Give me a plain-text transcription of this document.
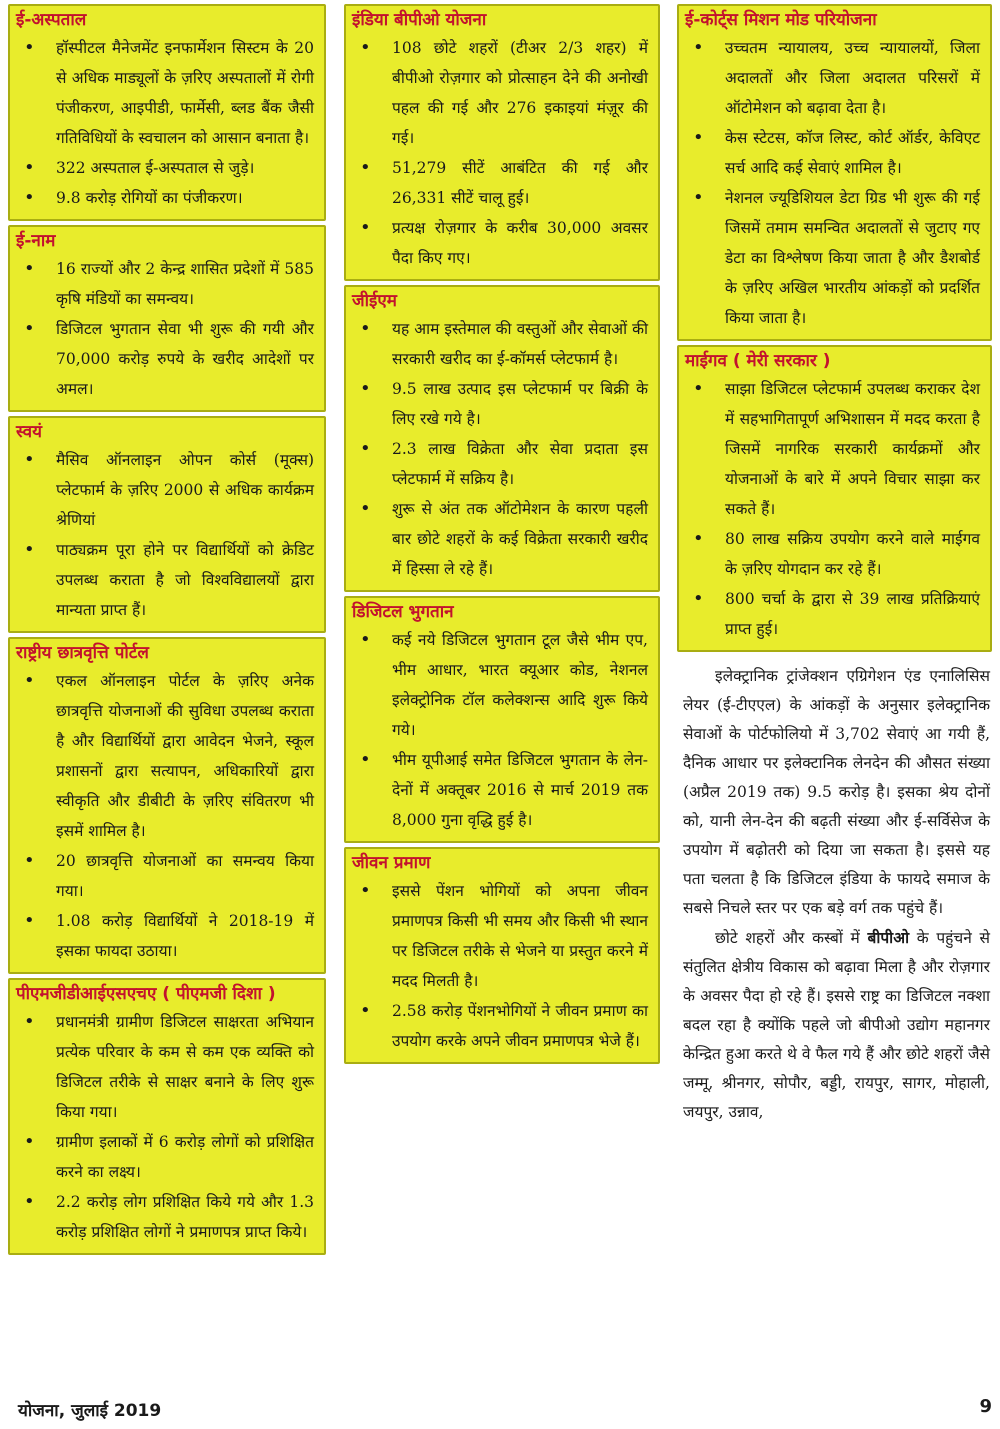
ई-अस्पताल
• हॉस्पीटल मैनेजमेंट इनफार्मेशन सिस्टम के 20 से अधिक माड्यूलों के ज़रिए अस्पतालों में रोगी पंजीकरण, आइपीडी, फार्मेसी, ब्लड बैंक जैसी गतिविधियों के स्वचालन को आसान बनाता है।
• 322 अस्पताल ई-अस्पताल से जुड़े।
• 9.8 करोड़ रोगियों का पंजीकरण।
ई-नाम
• 16 राज्यों और 2 केन्द्र शासित प्रदेशों में 585 कृषि मंडियों का समन्वय।
• डिजिटल भुगतान सेवा भी शुरू की गयी और 70,000 करोड़ रुपये के खरीद आदेशों पर अमल।
स्वयं
• मैसिव ऑनलाइन ओपन कोर्स (मूक्स) प्लेटफार्म के ज़रिए 2000 से अधिक कार्यक्रम श्रेणियां
• पाठ्यक्रम पूरा होने पर विद्यार्थियों को क्रेडिट उपलब्ध कराता है जो विश्वविद्यालयों द्वारा मान्यता प्राप्त हैं।
राष्ट्रीय छात्रवृत्ति पोर्टल
• एकल ऑनलाइन पोर्टल के ज़रिए अनेक छात्रवृत्ति योजनाओं की सुविधा उपलब्ध कराता है और विद्यार्थियों द्वारा आवेदन भेजने, स्कूल प्रशासनों द्वारा सत्यापन, अधिकारियों द्वारा स्वीकृति और डीबीटी के ज़रिए संवितरण भी इसमें शामिल है।
• 20 छात्रवृत्ति योजनाओं का समन्वय किया गया।
• 1.08 करोड़ विद्यार्थियों ने 2018-19 में इसका फायदा उठाया।
पीएमजीडीआईएसएचए ( पीएमजी दिशा )
• प्रधानमंत्री ग्रामीण डिजिटल साक्षरता अभियान प्रत्येक परिवार के कम से कम एक व्यक्ति को डिजिटल तरीके से साक्षर बनाने के लिए शुरू किया गया।
• ग्रामीण इलाकों में 6 करोड़ लोगों को प्रशिक्षित करने का लक्ष्य।
• 2.2 करोड़ लोग प्रशिक्षित किये गये और 1.3 करोड़ प्रशिक्षित लोगों ने प्रमाणपत्र प्राप्त किये।
इंडिया बीपीओ योजना
• 108 छोटे शहरों (टीअर 2/3 शहर) में बीपीओ रोज़गार को प्रोत्साहन देने की अनोखी पहल की गई और 276 इकाइयां मंज़ूर की गई।
• 51,279 सीटें आबंटित की गई और 26,331 सीटें चालू हुई।
• प्रत्यक्ष रोज़गार के करीब 30,000 अवसर पैदा किए गए।
जीईएम
• यह आम इस्तेमाल की वस्तुओं और सेवाओं की सरकारी खरीद का ई-कॉमर्स प्लेटफार्म है।
• 9.5 लाख उत्पाद इस प्लेटफार्म पर बिक्री के लिए रखे गये है।
• 2.3 लाख विक्रेता और सेवा प्रदाता इस प्लेटफार्म में सक्रिय है।
• शुरू से अंत तक ऑटोमेशन के कारण पहली बार छोटे शहरों के कई विक्रेता सरकारी खरीद में हिस्सा ले रहे हैं।
डिजिटल भुगतान
• कई नये डिजिटल भुगतान टूल जैसे भीम एप, भीम आधार, भारत क्यूआर कोड, नेशनल इलेक्ट्रोनिक टॉल कलेक्शन्स आदि शुरू किये गये।
• भीम यूपीआई समेत डिजिटल भुगतान के लेन-देनों में अक्तूबर 2016 से मार्च 2019 तक 8,000 गुना वृद्धि हुई है।
जीवन प्रमाण
• इससे पेंशन भोगियों को अपना जीवन प्रमाणपत्र किसी भी समय और किसी भी स्थान पर डिजिटल तरीके से भेजने या प्रस्तुत करने में मदद मिलती है।
• 2.58 करोड़ पेंशनभोगियों ने जीवन प्रमाण का उपयोग करके अपने जीवन प्रमाणपत्र भेजे हैं।
ई-कोर्ट्स मिशन मोड परियोजना
• उच्चतम न्यायालय, उच्च न्यायालयों, जिला अदालतों और जिला अदालत परिसरों में ऑटोमेशन को बढ़ावा देता है।
• केस स्टेटस, कॉज लिस्ट, कोर्ट ऑर्डर, केविएट सर्च आदि कई सेवाएं शामिल है।
• नेशनल ज्यूडिशियल डेटा ग्रिड भी शुरू की गई जिसमें तमाम समन्वित अदालतों से जुटाए गए डेटा का विश्लेषण किया जाता है और डैशबोर्ड के ज़रिए अखिल भारतीय आंकड़ों को प्रदर्शित किया जाता है।
माईगव ( मेरी सरकार )
• साझा डिजिटल प्लेटफार्म उपलब्ध कराकर देश में सहभागितापूर्ण अभिशासन में मदद करता है जिसमें नागरिक सरकारी कार्यक्रमों और योजनाओं के बारे में अपने विचार साझा कर सकते हैं।
• 80 लाख सक्रिय उपयोग करने वाले माईगव के ज़रिए योगदान कर रहे हैं।
• 800 चर्चा के द्वारा से 39 लाख प्रतिक्रियाएं प्राप्त हुई।

इलेक्ट्रानिक ट्रांजेक्शन एग्रिगेशन एंड एनालिसिस लेयर (ई-टीएएल) के आंकड़ों के अनुसार इलेक्ट्रानिक सेवाओं के पोर्टफोलियो में 3,702 सेवाएं आ गयी हैं, दैनिक आधार पर इलेक्टानिक लेनदेन की औसत संख्या (अप्रैल 2019 तक) 9.5 करोड़ है। इसका श्रेय दोनों को, यानी लेन-देन की बढ़ती संख्या और ई-सर्विसेज के उपयोग में बढ़ोतरी को दिया जा सकता है। इससे यह पता चलता है कि डिजिटल इंडिया के फायदे समाज के सबसे निचले स्तर पर एक बड़े वर्ग तक पहुंचे हैं।

छोटे शहरों और कस्बों में बीपीओ के पहुंचने से संतुलित क्षेत्रीय विकास को बढ़ावा मिला है और रोज़गार के अवसर पैदा हो रहे हैं। इससे राष्ट्र का डिजिटल नक्शा बदल रहा है क्योंकि पहले जो बीपीओ उद्योग महानगर केन्द्रित हुआ करते थे वे फैल गये हैं और छोटे शहरों जैसे जम्मू, श्रीनगर, सोपौर, बड्डी, रायपुर, सागर, मोहाली, जयपुर, उन्नाव,

योजना, जुलाई 2019	9
